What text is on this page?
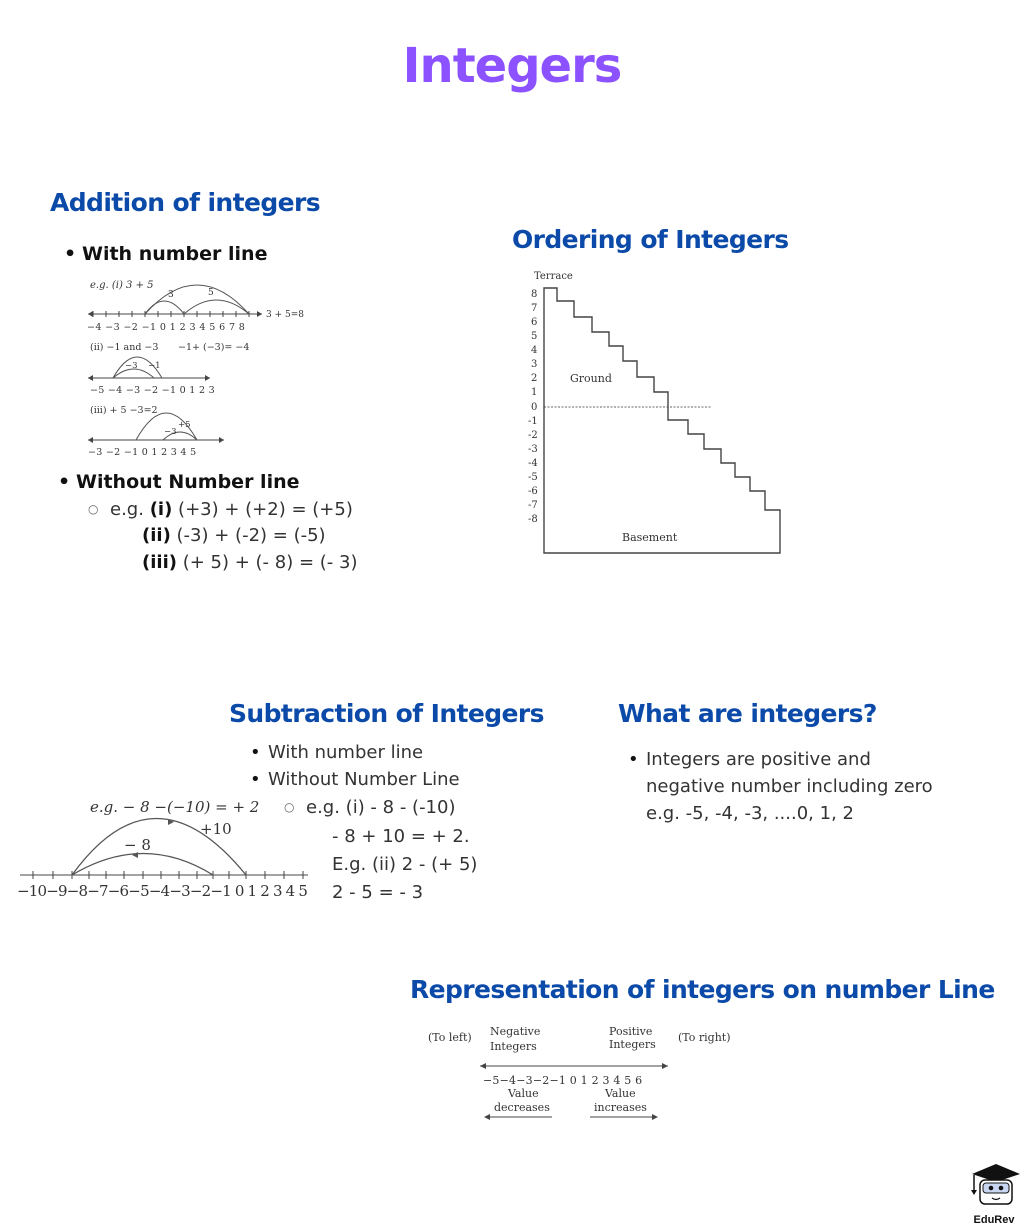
Integers
Addition of integers
• With number line
e.g. (i) 3 + 5
3	5
3 + 5=8
−4 −3 −2 −1 0 1 2 3 4 5 6 7 8
(ii) −1 and −3 −1+ (−3)= −4
−3 −1
−5 −4 −3 −2 −1 0 1 2 3
(iii) + 5 −3=2
+5
−3
−3 −2 −1 0 1 2 3 4 5
• Without Number line
○ e.g. (i) (+3) + (+2) = (+5)
(ii) (-3) + (-2) = (-5)
(iii) (+ 5) + (- 8) = (- 3)
Ordering of Integers
Terrace
8
7
6
5
4
3
2
1
0
-1
-2
-3
-4
-5
-6
-7
-8
Ground
Basement
Subtraction of Integers
• With number line
• Without Number Line
○ e.g. (i) - 8 - (-10)
- 8 + 10 = + 2.
E.g. (ii) 2 - (+ 5)
2 - 5 = - 3
e.g. − 8 −(−10) = + 2
+10
− 8
−10−9−8−7−6−5−4−3−2−1 0 1 2 3 4 5
What are integers?
• Integers are positive and
negative number including zero
e.g. -5, -4, -3, ....0, 1, 2
Representation of integers on number Line
(To left) Negative
Integers
Positive
Integers
(To right)
−5−4−3−2−1 0 1 2 3 4 5 6
Value
decreases
Value
increases
EduRev
